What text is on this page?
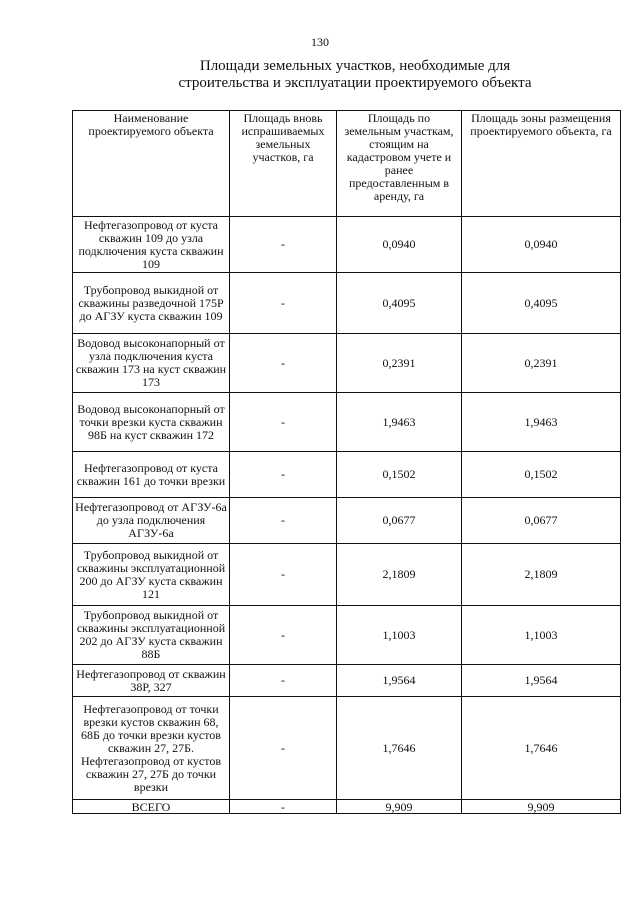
130
Площади земельных участков, необходимые для
строительства и эксплуатации проектируемого объекта
Наименование проектируемого объекта	Площадь вновь испрашиваемых земельных участков, га	Площадь по земельным участкам, стоящим на кадастровом учете и ранее предоставленным в аренду, га	Площадь зоны размещения проектируемого объекта, га
Нефтегазопровод от куста скважин 109 до узла подключения куста скважин 109	-	0,0940	0,0940
Трубопровод выкидной от скважины разведочной 175Р до АГЗУ куста скважин 109	-	0,4095	0,4095
Водовод высоконапорный от узла подключения куста скважин 173 на куст скважин 173	-	0,2391	0,2391
Водовод высоконапорный от точки врезки куста скважин 98Б на куст скважин 172	-	1,9463	1,9463
Нефтегазопровод от куста скважин 161 до точки врезки	-	0,1502	0,1502
Нефтегазопровод от АГЗУ-6а до узла подключения АГЗУ-6а	-	0,0677	0,0677
Трубопровод выкидной от скважины эксплуатационной 200 до АГЗУ куста скважин 121	-	2,1809	2,1809
Трубопровод выкидной от скважины эксплуатационной 202 до АГЗУ куста скважин 88Б	-	1,1003	1,1003
Нефтегазопровод от скважин 38Р, 327	-	1,9564	1,9564
Нефтегазопровод от точки врезки кустов скважин 68, 68Б до точки врезки кустов скважин 27, 27Б. Нефтегазопровод от кустов скважин 27, 27Б до точки врезки	-	1,7646	1,7646
ВСЕГО	-	9,909	9,909
